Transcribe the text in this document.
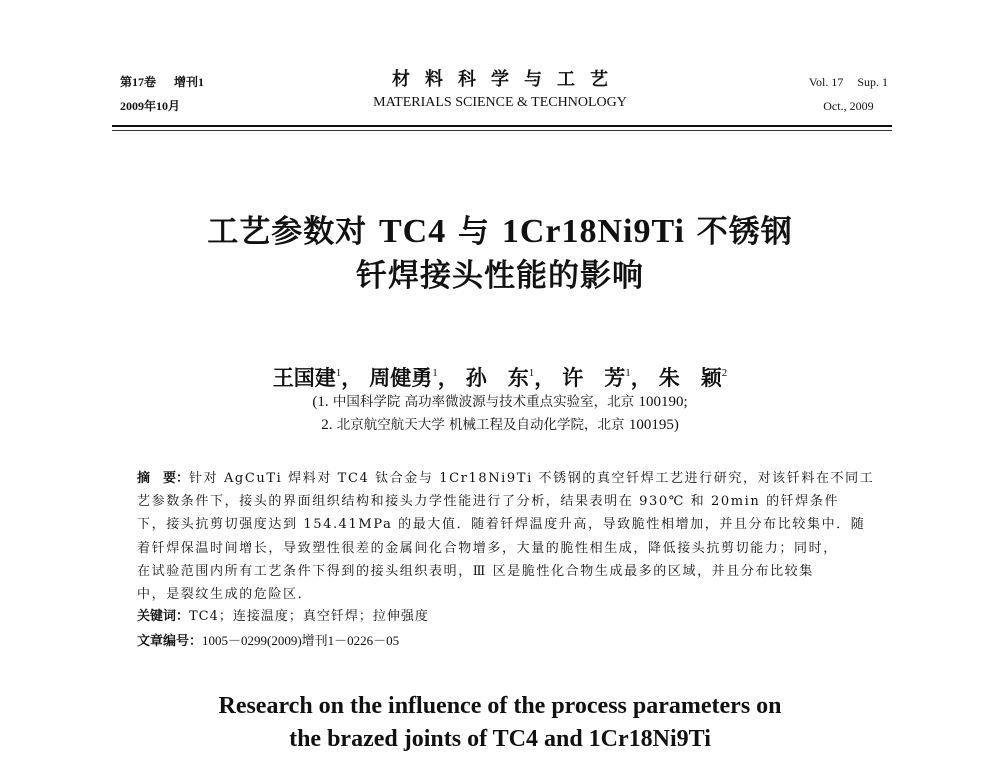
第17卷 增刊1
2009年10月
材料科学与工艺
MATERIALS SCIENCE & TECHNOLOGY
Vol. 17 Sup. 1
Oct., 2009
工艺参数对 TC4 与 1Cr18Ni9Ti 不锈钢
钎焊接头性能的影响
王国建$^1$， 周健勇$^1$， 孙　东$^1$， 许　芳$^1$， 朱　颖$^2$
(1. 中国科学院 高功率微波源与技术重点实验室，北京 100190;
2. 北京航空航天大学 机械工程及自动化学院，北京 100195)
摘　要：针对 AgCuTi 焊料对 TC4 钛合金与 1Cr18Ni9Ti 不锈钢的真空钎焊工艺进行研究，对该钎料在不同工
艺参数条件下，接头的界面组织结构和接头力学性能进行了分析，结果表明在 930℃ 和 20min 的钎焊条件
下，接头抗剪切强度达到 154.41MPa 的最大值．随着钎焊温度升高，导致脆性相增加，并且分布比较集中．随
着钎焊保温时间增长，导致塑性很差的金属间化合物增多，大量的脆性相生成，降低接头抗剪切能力；同时，
在试验范围内所有工艺条件下得到的接头组织表明，Ⅲ 区是脆性化合物生成最多的区域，并且分布比较集
中，是裂纹生成的危险区．
关键词：TC4；连接温度；真空钎焊；拉伸强度
文章编号：1005－0299(2009)增刊1－0226－05
Research on the influence of the process parameters on
the brazed joints of TC4 and 1Cr18Ni9Ti
